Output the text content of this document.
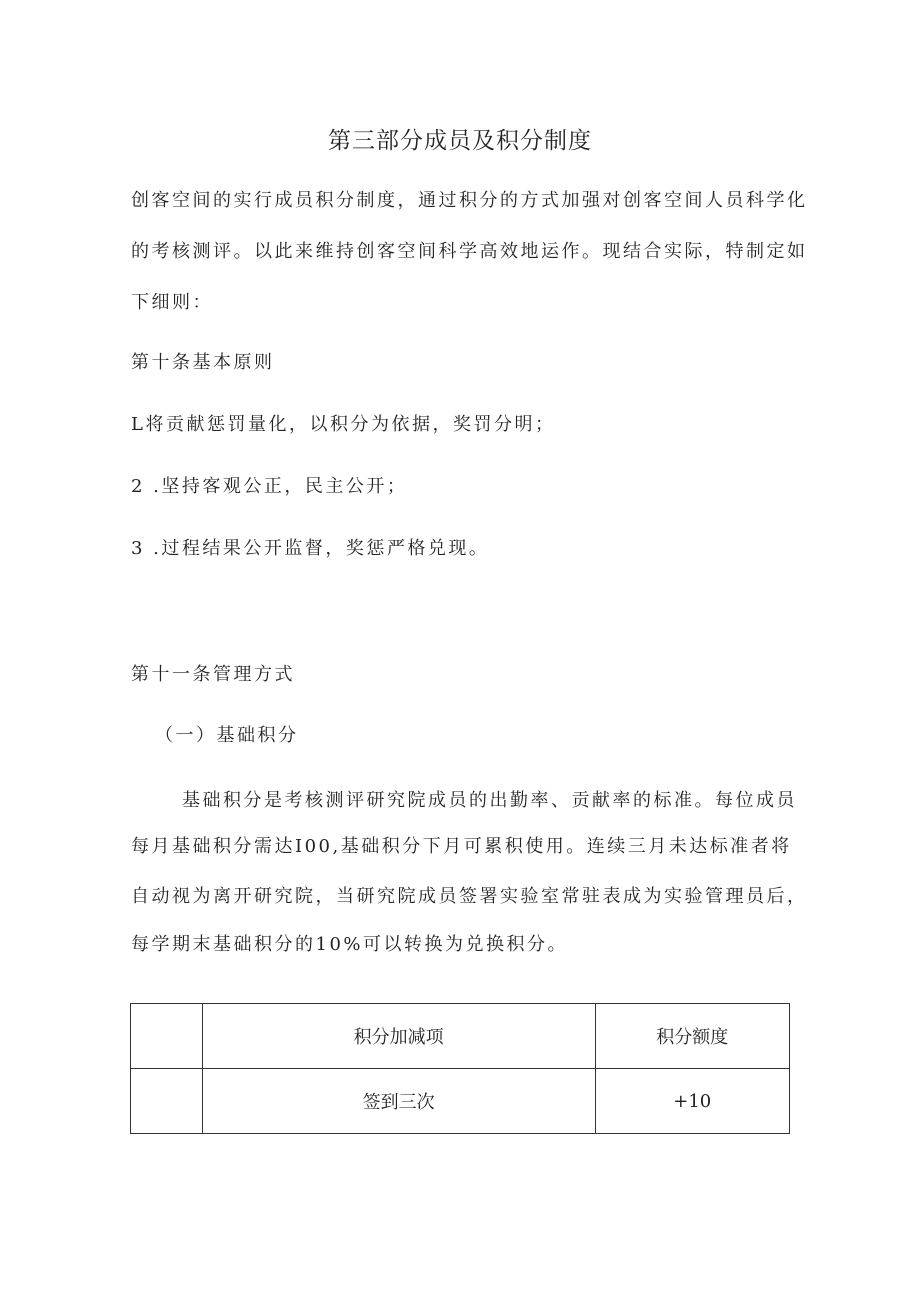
第三部分成员及积分制度
创客空间的实行成员积分制度，通过积分的方式加强对创客空间人员科学化
的考核测评。以此来维持创客空间科学高效地运作。现结合实际，特制定如
下细则：
第十条基本原则
L将贡献惩罚量化，以积分为依据，奖罚分明；
2 .坚持客观公正，民主公开；
3 .过程结果公开监督，奖惩严格兑现。
第十一条管理方式
（一）基础积分
基础积分是考核测评研究院成员的出勤率、贡献率的标准。每位成员
每月基础积分需达I00,基础积分下月可累积使用。连续三月未达标准者将
自动视为离开研究院，当研究院成员签署实验室常驻表成为实验管理员后，
每学期末基础积分的10%可以转换为兑换积分。
	积分加减项	积分额度
	签到三次	+10
